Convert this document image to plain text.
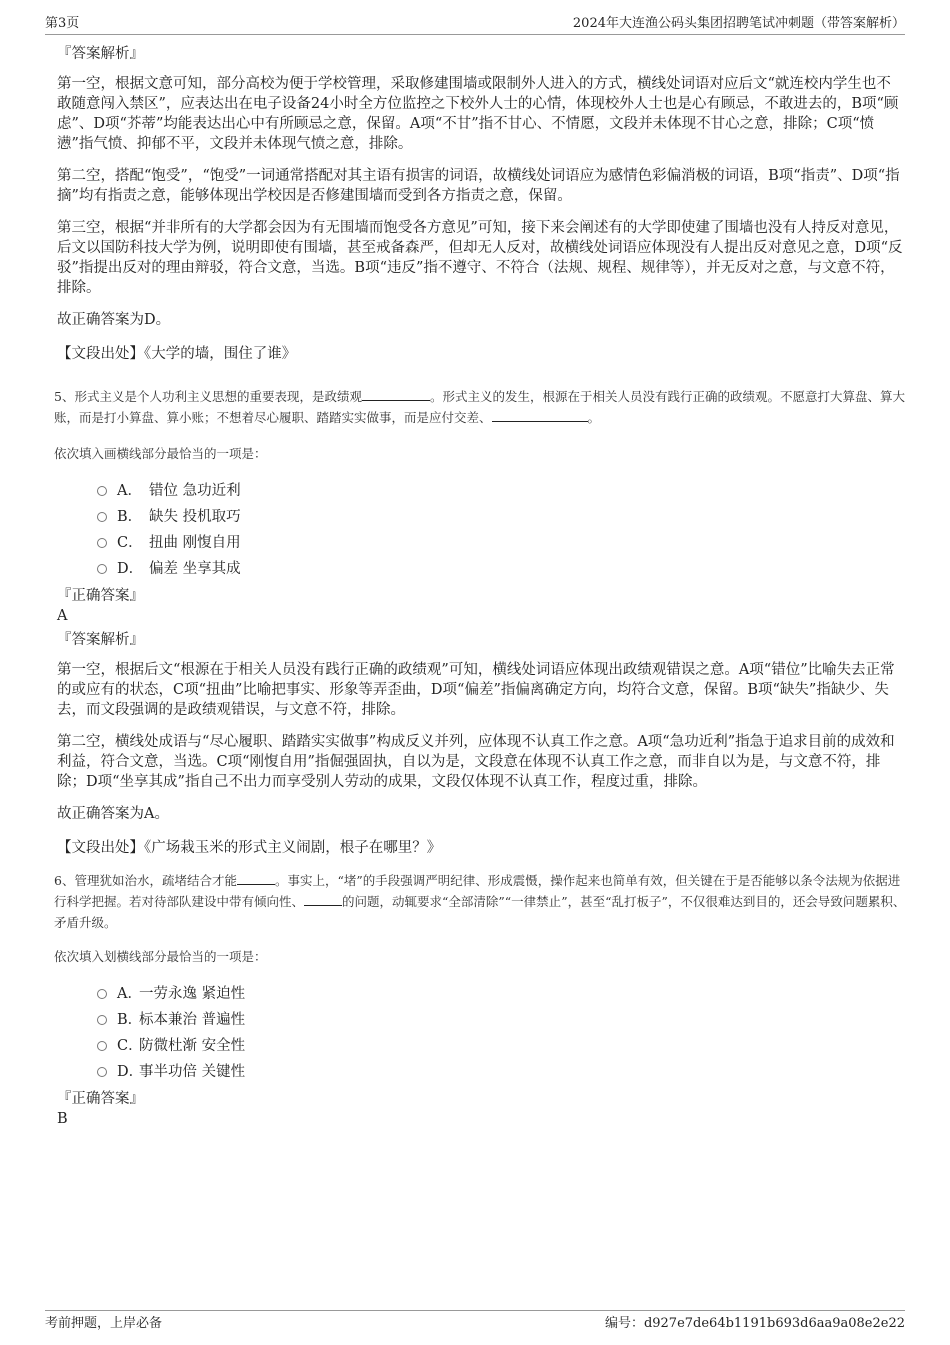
第3页	2024年大连渔公码头集团招聘笔试冲刺题（带答案解析）
『答案解析』

第一空，根据文意可知，部分高校为便于学校管理，采取修建围墙或限制外人进入的方式，横线处词语对应后文“就连校内学生也不敢随意闯入禁区”，应表达出在电子设备24小时全方位监控之下校外人士的心情，体现校外人士也是心有顾忌，不敢进去的，B项“顾虑”、D项“芥蒂”均能表达出心中有所顾忌之意，保留。A项“不甘”指不甘心、不情愿，文段并未体现不甘心之意，排除；C项“愤懑”指气愤、抑郁不平，文段并未体现气愤之意，排除。

第二空，搭配“饱受”，“饱受”一词通常搭配对其主语有损害的词语，故横线处词语应为感情色彩偏消极的词语，B项“指责”、D项“指摘”均有指责之意，能够体现出学校因是否修建围墙而受到各方指责之意，保留。

第三空，根据“并非所有的大学都会因为有无围墙而饱受各方意见”可知，接下来会阐述有的大学即使建了围墙也没有人持反对意见，后文以国防科技大学为例，说明即使有围墙，甚至戒备森严，但却无人反对，故横线处词语应体现没有人提出反对意见之意，D项“反驳”指提出反对的理由辩驳，符合文意，当选。B项“违反”指不遵守、不符合（法规、规程、规律等），并无反对之意，与文意不符，排除。

故正确答案为D。

【文段出处】《大学的墙，围住了谁》

5、形式主义是个人功利主义思想的重要表现，是政绩观	。形式主义的发生，根源在于相关人员没有践行正确的政绩观。不愿意打大算盘、算大账，而是打小算盘、算小账；不想着尽心履职、踏踏实实做事，而是应付交差、	。

依次填入画横线部分最恰当的一项是：

A． 错位 急功近利
B． 缺失 投机取巧
C． 扭曲 刚愎自用
D． 偏差 坐享其成
『正确答案』

A

『答案解析』

第一空，根据后文“根源在于相关人员没有践行正确的政绩观”可知，横线处词语应体现出政绩观错误之意。A项“错位”比喻失去正常的或应有的状态，C项“扭曲”比喻把事实、形象等弄歪曲，D项“偏差”指偏离确定方向，均符合文意，保留。B项“缺失”指缺少、失去，而文段强调的是政绩观错误，与文意不符，排除。

第二空，横线处成语与“尽心履职、踏踏实实做事”构成反义并列，应体现不认真工作之意。A项“急功近利”指急于追求目前的成效和利益，符合文意，当选。C项“刚愎自用”指倔强固执，自以为是，文段意在体现不认真工作之意，而非自以为是，与文意不符，排除；D项“坐享其成”指自己不出力而享受别人劳动的成果，文段仅体现不认真工作，程度过重，排除。

故正确答案为A。

【文段出处】《广场栽玉米的形式主义闹剧，根子在哪里？》

6、管理犹如治水，疏堵结合才能	。事实上，“堵”的手段强调严明纪律、形成震慑，操作起来也简单有效，但关键在于是否能够以条令法规为依据进行科学把握。若对待部队建设中带有倾向性、	的问题，动辄要求“全部清除”“一律禁止”，甚至“乱打板子”，不仅很难达到目的，还会导致问题累积、矛盾升级。

依次填入划横线部分最恰当的一项是：

A．
一劳永逸 紧迫性
B．
标本兼治 普遍性
C．
防微杜渐 安全性
D．
事半功倍 关键性
『正确答案』

B

考前押题，上岸必备	编号：d927e7de64b1191b693d6aa9a08e2e22
